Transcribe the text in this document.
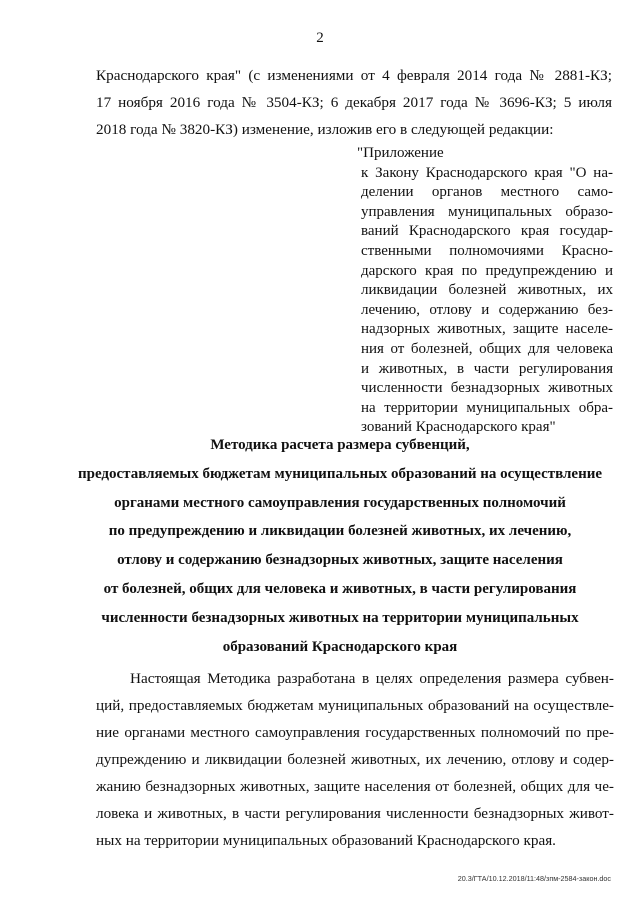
2
Краснодарского края" (с изменениями от 4 февраля 2014 года № 2881-КЗ;
17 ноября 2016 года № 3504-КЗ; 6 декабря 2017 года № 3696-КЗ; 5 июля
2018 года № 3820-КЗ) изменение, изложив его в следующей редакции:
"Приложение
к Закону Краснодарского края "О на-
делении органов местного само-
управления муниципальных образо-
ваний Краснодарского края государ-
ственными полномочиями Красно-
дарского края по предупреждению и
ликвидации болезней животных, их
лечению, отлову и содержанию без-
надзорных животных, защите населе-
ния от болезней, общих для человека
и животных, в части регулирования
численности безнадзорных животных
на территории муниципальных обра-
зований Краснодарского края"
Методика расчета размера субвенций,
предоставляемых бюджетам муниципальных образований на осуществление
органами местного самоуправления государственных полномочий
по предупреждению и ликвидации болезней животных, их лечению,
отлову и содержанию безнадзорных животных, защите населения
от болезней, общих для человека и животных, в части регулирования
численности безнадзорных животных на территории муниципальных
образований Краснодарского края
Настоящая Методика разработана в целях определения размера субвен-
ций, предоставляемых бюджетам муниципальных образований на осуществле-
ние органами местного самоуправления государственных полномочий по пре-
дупреждению и ликвидации болезней животных, их лечению, отлову и содер-
жанию безнадзорных животных, защите населения от болезней, общих для че-
ловека и животных, в части регулирования численности безнадзорных живот-
ных на территории муниципальных образований Краснодарского края.
20.3/ГТА/10.12.2018/11:48/зпм-2584-закон.doc
